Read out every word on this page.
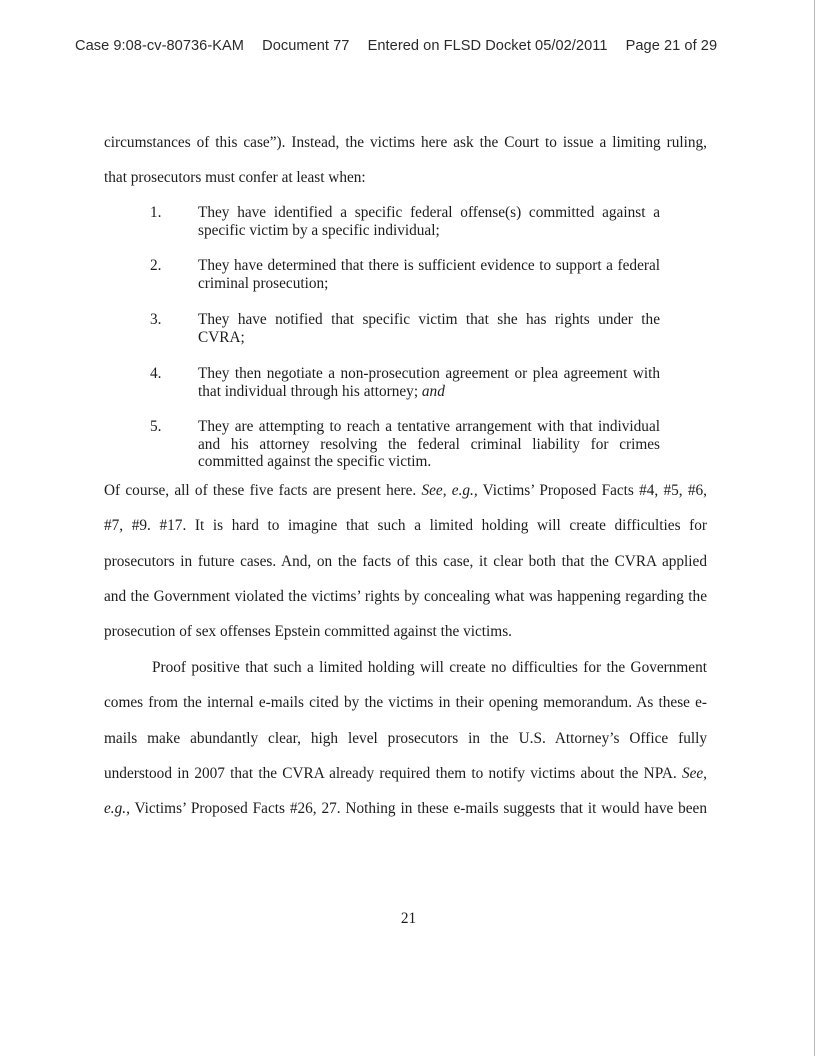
Case 9:08-cv-80736-KAM Document 77 Entered on FLSD Docket 05/02/2011 Page 21 of 29
circumstances of this case”). Instead, the victims here ask the Court to issue a limiting ruling,
that prosecutors must confer at least when:
1.	They have identified a specific federal offense(s) committed against a
specific victim by a specific individual;
2.	They have determined that there is sufficient evidence to support a federal
criminal prosecution;
3.	They have notified that specific victim that she has rights under the
CVRA;
4.	They then negotiate a non-prosecution agreement or plea agreement with
that individual through his attorney; and
5.	They are attempting to reach a tentative arrangement with that individual
and his attorney resolving the federal criminal liability for crimes
committed against the specific victim.
Of course, all of these five facts are present here. See, e.g., Victims’ Proposed Facts #4, #5, #6,
#7, #9. #17. It is hard to imagine that such a limited holding will create difficulties for
prosecutors in future cases. And, on the facts of this case, it clear both that the CVRA applied
and the Government violated the victims’ rights by concealing what was happening regarding the
prosecution of sex offenses Epstein committed against the victims.
Proof positive that such a limited holding will create no difficulties for the Government
comes from the internal e-mails cited by the victims in their opening memorandum. As these e-
mails make abundantly clear, high level prosecutors in the U.S. Attorney’s Office fully
understood in 2007 that the CVRA already required them to notify victims about the NPA. See,
e.g., Victims’ Proposed Facts #26, 27. Nothing in these e-mails suggests that it would have been
21
